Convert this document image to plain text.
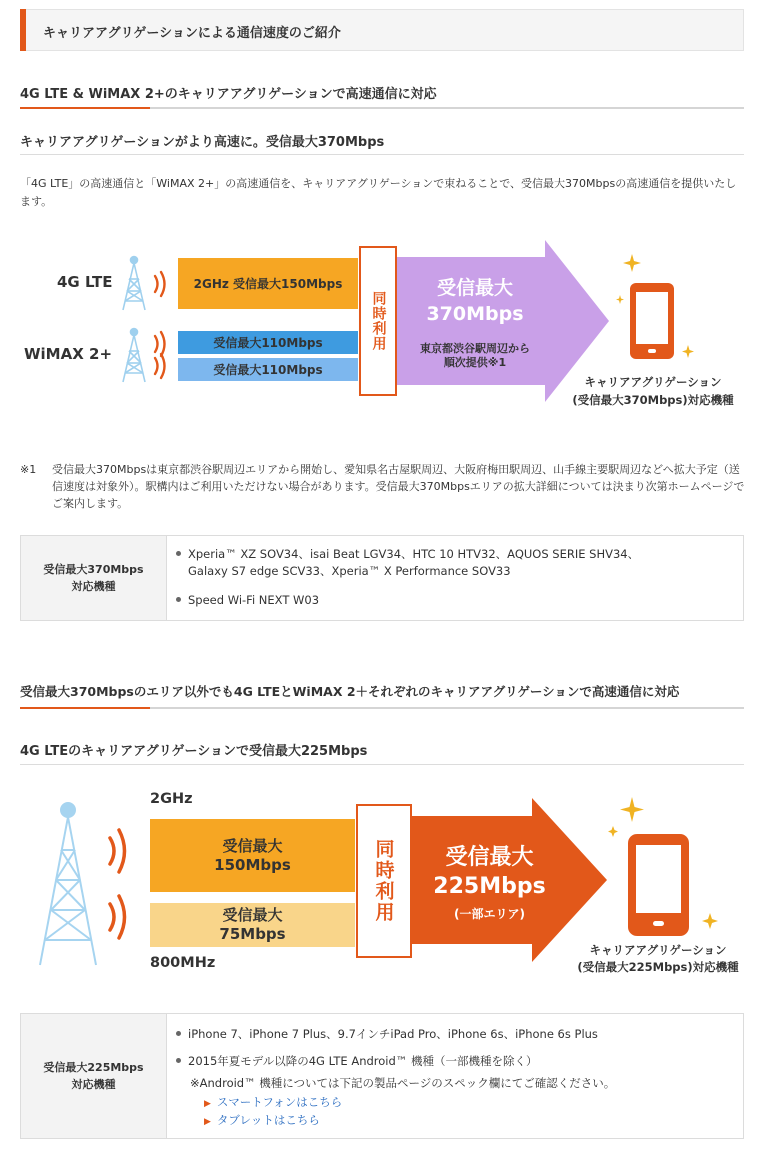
キャリアアグリゲーションによる通信速度のご紹介
4G LTE & WiMAX 2+のキャリアアグリゲーションで高速通信に対応
キャリアアグリゲーションがより高速に。受信最大370Mbps
「4G LTE」の高速通信と「WiMAX 2+」の高速通信を、キャリアアグリゲーションで束ねることで、受信最大370Mbpsの高速通信を提供いたします。
4G LTE
WiMAX 2+
2GHz 受信最大150Mbps
受信最大110Mbps
受信最大110Mbps
同時利用
受信最大
370Mbps
東京都渋谷駅周辺から
順次提供※1
キャリアアグリゲーション
(受信最大370Mbps)対応機種
※1 受信最大370Mbpsは東京都渋谷駅周辺エリアから開始し、愛知県名古屋駅周辺、大阪府梅田駅周辺、山手線主要駅周辺などへ拡大予定（送信速度は対象外）。駅構内はご利用いただけない場合があります。受信最大370Mbpsエリアの拡大詳細については決まり次第ホームページでご案内します。
受信最大370Mbps
対応機種
Xperia™ XZ SOV34、isai Beat LGV34、HTC 10 HTV32、AQUOS SERIE SHV34、
Galaxy S7 edge SCV33、Xperia™ X Performance SOV33
Speed Wi-Fi NEXT W03
受信最大370Mbpsのエリア以外でも4G LTEとWiMAX 2＋それぞれのキャリアアグリゲーションで高速通信に対応
4G LTEのキャリアアグリゲーションで受信最大225Mbps
2GHz
800MHz
受信最大
150Mbps
受信最大
75Mbps
同時利用	受信最大
225Mbps
(一部エリア)
キャリアアグリゲーション
(受信最大225Mbps)対応機種
受信最大225Mbps
対応機種
iPhone 7、iPhone 7 Plus、9.7インチiPad Pro、iPhone 6s、iPhone 6s Plus
2015年夏モデル以降の4G LTE Android™ 機種（一部機種を除く）
※Android™ 機種については下記の製品ページのスペック欄にてご確認ください。
▶ スマートフォンはこちら
▶ タブレットはこちら
